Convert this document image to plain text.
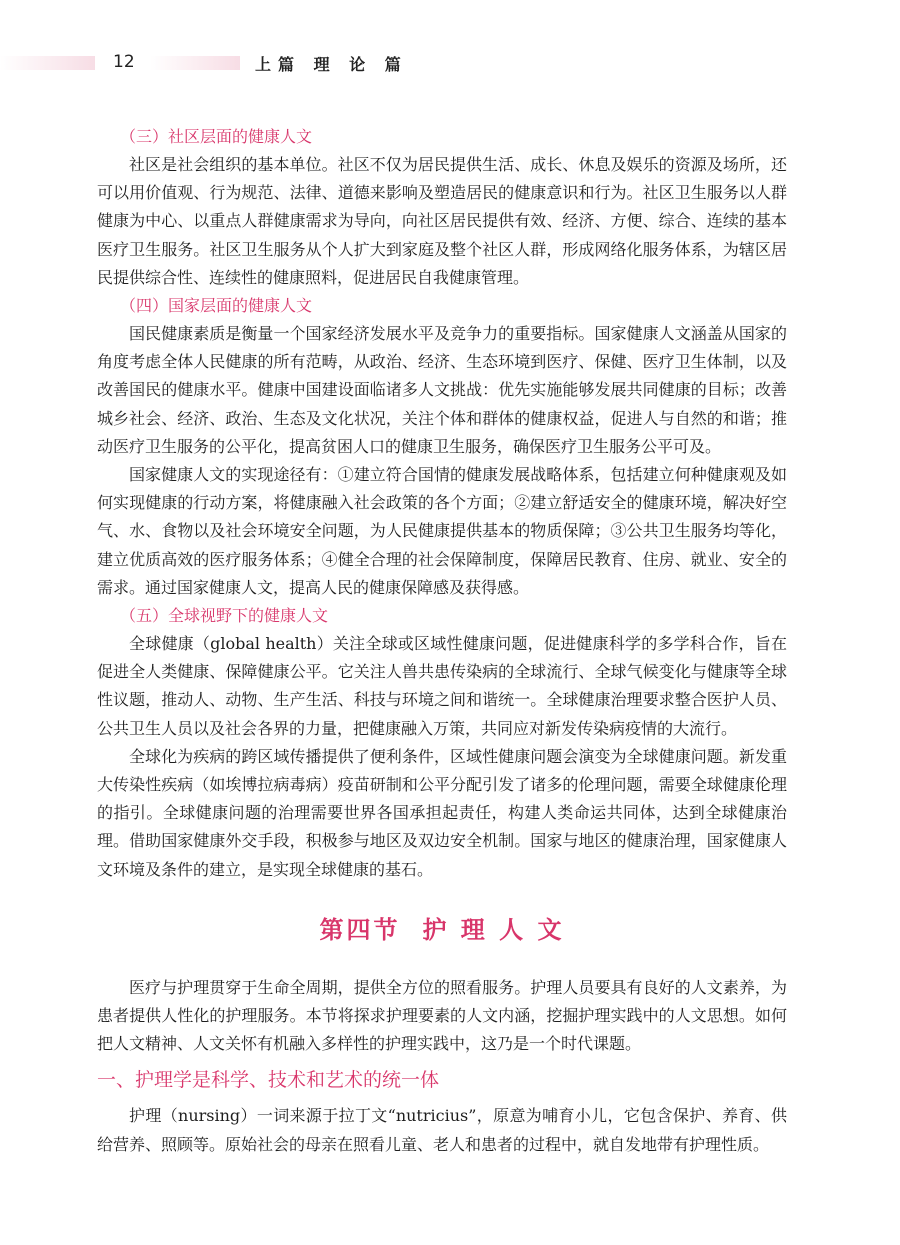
12	上篇 理 论 篇
（三）社区层面的健康人文

社区是社会组织的基本单位。社区不仅为居民提供生活、成长、休息及娱乐的资源及场所，还可以用价值观、行为规范、法律、道德来影响及塑造居民的健康意识和行为。社区卫生服务以人群健康为中心、以重点人群健康需求为导向，向社区居民提供有效、经济、方便、综合、连续的基本医疗卫生服务。社区卫生服务从个人扩大到家庭及整个社区人群，形成网络化服务体系，为辖区居民提供综合性、连续性的健康照料，促进居民自我健康管理。

（四）国家层面的健康人文

国民健康素质是衡量一个国家经济发展水平及竞争力的重要指标。国家健康人文涵盖从国家的角度考虑全体人民健康的所有范畴，从政治、经济、生态环境到医疗、保健、医疗卫生体制，以及改善国民的健康水平。健康中国建设面临诸多人文挑战：优先实施能够发展共同健康的目标；改善城乡社会、经济、政治、生态及文化状况，关注个体和群体的健康权益，促进人与自然的和谐；推动医疗卫生服务的公平化，提高贫困人口的健康卫生服务，确保医疗卫生服务公平可及。

国家健康人文的实现途径有：①建立符合国情的健康发展战略体系，包括建立何种健康观及如何实现健康的行动方案，将健康融入社会政策的各个方面；②建立舒适安全的健康环境，解决好空气、水、食物以及社会环境安全问题，为人民健康提供基本的物质保障；③公共卫生服务均等化，建立优质高效的医疗服务体系；④健全合理的社会保障制度，保障居民教育、住房、就业、安全的需求。通过国家健康人文，提高人民的健康保障感及获得感。

（五）全球视野下的健康人文

全球健康（global health）关注全球或区域性健康问题，促进健康科学的多学科合作，旨在促进全人类健康、保障健康公平。它关注人兽共患传染病的全球流行、全球气候变化与健康等全球性议题，推动人、动物、生产生活、科技与环境之间和谐统一。全球健康治理要求整合医护人员、公共卫生人员以及社会各界的力量，把健康融入万策，共同应对新发传染病疫情的大流行。

全球化为疾病的跨区域传播提供了便利条件，区域性健康问题会演变为全球健康问题。新发重大传染性疾病（如埃博拉病毒病）疫苗研制和公平分配引发了诸多的伦理问题，需要全球健康伦理的指引。全球健康问题的治理需要世界各国承担起责任，构建人类命运共同体，达到全球健康治理。借助国家健康外交手段，积极参与地区及双边安全机制。国家与地区的健康治理，国家健康人文环境及条件的建立，是实现全球健康的基石。

第四节 护 理 人 文

医疗与护理贯穿于生命全周期，提供全方位的照看服务。护理人员要具有良好的人文素养，为患者提供人性化的护理服务。本节将探求护理要素的人文内涵，挖掘护理实践中的人文思想。如何把人文精神、人文关怀有机融入多样性的护理实践中，这乃是一个时代课题。

一、护理学是科学、技术和艺术的统一体

护理（nursing）一词来源于拉丁文“nutricius”，原意为哺育小儿，它包含保护、养育、供给营养、照顾等。原始社会的母亲在照看儿童、老人和患者的过程中，就自发地带有护理性质。
